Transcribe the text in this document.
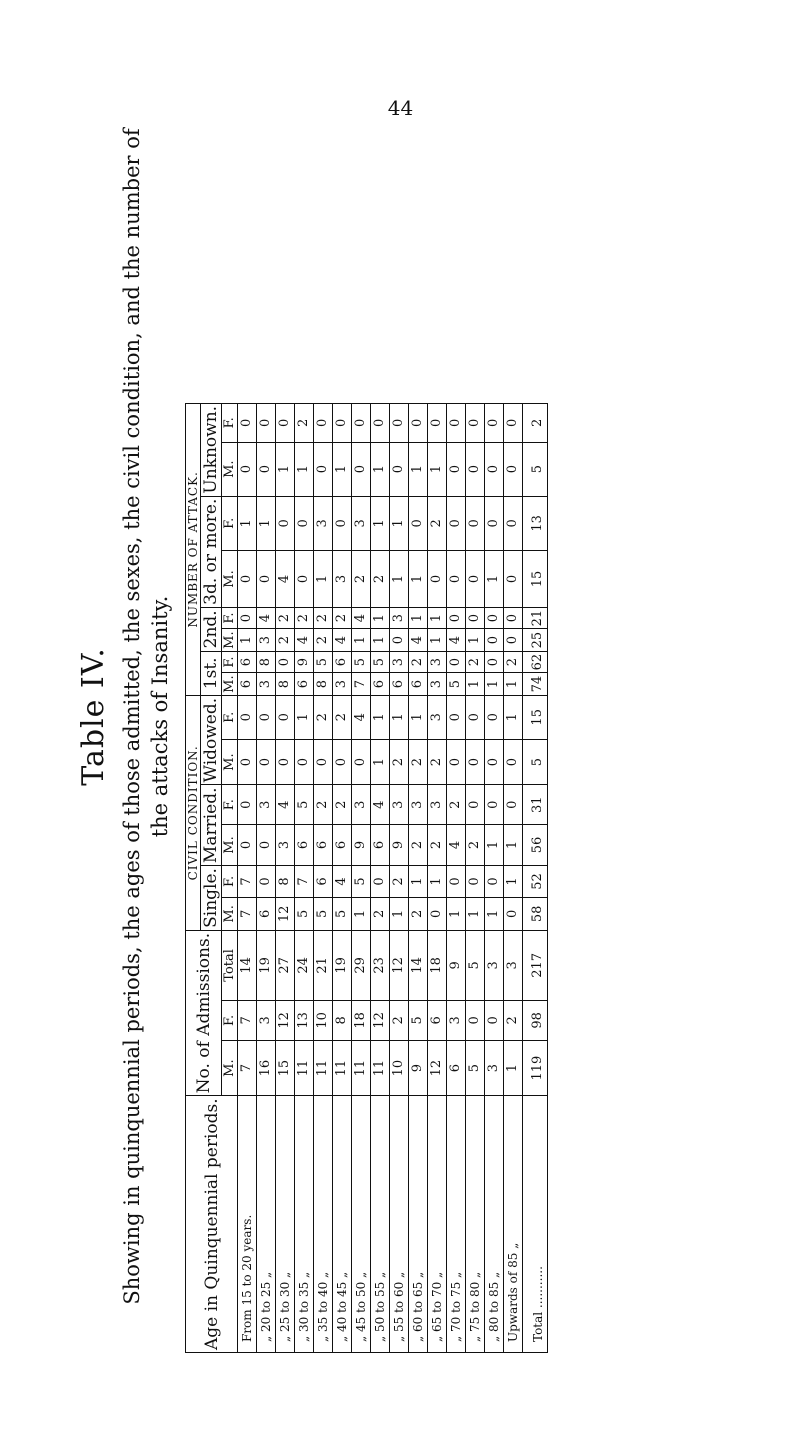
44
Table IV. Showing in quinquennial periods, the ages of those admitted, the sexes, the civil condition, and the number of the attacks of Insanity.
Age in Quinquennial periods.	No. of Admissions.			CIVIL CONDITION.						NUMBER OF ATTACK.							
				Single.		Married.		Widowed.		1st.		2nd.		3d. or more.		Unknown.	
	M.	F.	Total	M.	F.	M.	F.	M.	F.	M.	F.	M.	F.	M.	F.	M.	F.
From 15 to 20 years.	7	7	14	7	7	0	0	0	0	6	6	1	0	0	1	0	0
„ 20 to 25 „	16	3	19	6	0	0	3	0	0	3	8	3	4	0	1	0	0
„ 25 to 30 „	15	12	27	12	8	3	4	0	0	8	0	2	2	4	0	1	0
„ 30 to 35 „	11	13	24	5	7	6	5	0	1	6	9	4	2	0	0	1	2
„ 35 to 40 „	11	10	21	5	6	6	2	0	2	8	5	2	2	1	3	0	0
„ 40 to 45 „	11	8	19	5	4	6	2	0	2	3	6	4	2	3	0	1	0
„ 45 to 50 „	11	18	29	1	5	9	3	0	4	7	5	1	4	2	3	0	0
„ 50 to 55 „	11	12	23	2	0	6	4	1	1	6	5	1	1	2	1	1	0
„ 55 to 60 „	10	2	12	1	2	9	3	2	1	6	3	0	3	1	1	0	0
„ 60 to 65 „	9	5	14	2	1	2	3	2	1	6	2	4	1	1	0	1	0
„ 65 to 70 „	12	6	18	0	1	2	3	2	3	3	3	1	1	0	2	1	0
„ 70 to 75 „	6	3	9	1	0	4	2	0	0	5	0	4	0	0	0	0	0
„ 75 to 80 „	5	0	5	1	0	2	0	0	0	1	2	1	0	0	0	0	0
„ 80 to 85 „	3	0	3	1	0	1	0	0	0	1	0	0	0	1	0	0	0
Upwards of 85 „	1	2	3	0	1	1	0	0	1	1	2	0	0	0	0	0	0
Total ...........	119	98	217	58	52	56	31	5	15	74	62	25	21	15	13	5	2
